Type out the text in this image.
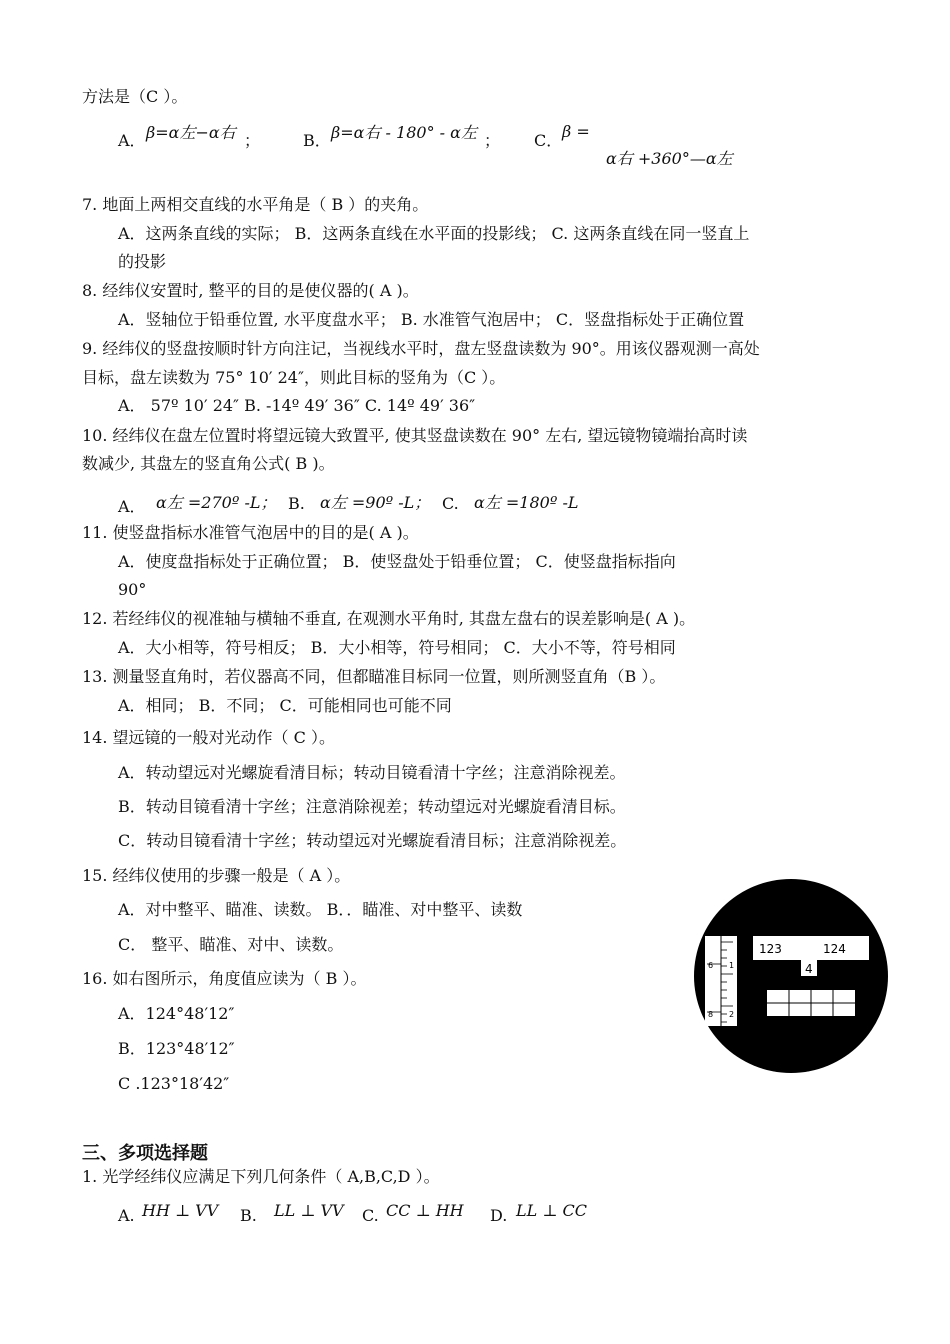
方法是（C ）。
A． β=α左−α右 ；	B． β=α右 - 180° - α左 ； C． β =
α右 +360°—α左
7. 地面上两相交直线的水平角是（ B ）的夹角。
A．这两条直线的实际； B．这两条直线在水平面的投影线； C. 这两条直线在同一竖直上
的投影
8. 经纬仪安置时, 整平的目的是使仪器的( A )。
A．竖轴位于铅垂位置, 水平度盘水平； B. 水准管气泡居中； C．竖盘指标处于正确位置
9. 经纬仪的竖盘按顺时针方向注记，当视线水平时，盘左竖盘读数为 90°。用该仪器观测一高处
目标，盘左读数为 75° 10′ 24″，则此目标的竖角为（C ）。
A． 57º 10′ 24″ B. -14º 49′ 36″ C. 14º 49′ 36″
10. 经纬仪在盘左位置时将望远镜大致置平, 使其竖盘读数在 90° 左右, 望远镜物镜端抬高时读
数减少, 其盘左的竖直角公式( B )。
A． α左 =270º -L； B. α左 =90º -L； C. α左 =180º -L
11. 使竖盘指标水准管气泡居中的目的是( A )。
A．使度盘指标处于正确位置； B．使竖盘处于铅垂位置； C．使竖盘指标指向
90°
12. 若经纬仪的视准轴与横轴不垂直, 在观测水平角时, 其盘左盘右的误差影响是( A )。
A．大小相等，符号相反； B．大小相等，符号相同； C．大小不等，符号相同
13. 测量竖直角时，若仪器高不同，但都瞄准目标同一位置，则所测竖直角（B ）。
A．相同； B．不同； C．可能相同也可能不同
14. 望远镜的一般对光动作（ C ）。
A．转动望远对光螺旋看清目标；转动目镜看清十字丝；注意消除视差。
B．转动目镜看清十字丝；注意消除视差；转动望远对光螺旋看清目标。
C．转动目镜看清十字丝；转动望远对光螺旋看清目标；注意消除视差。
15. 经纬仪使用的步骤一般是（ A ）。
A．对中整平、瞄准、读数。 B．．瞄准、对中整平、读数
C． 整平、瞄准、对中、读数。
16. 如右图所示，角度值应读为（ B ）。
A．124°48′12″
B．123°48′12″
C .123°18′42″
6 1
8 2
123	124
4
三、多项选择题
1. 光学经纬仪应满足下列几何条件（ A,B,C,D ）。
A. HH ⊥ VV B. LL ⊥ VV C. CC ⊥ HH D. LL ⊥ CC
